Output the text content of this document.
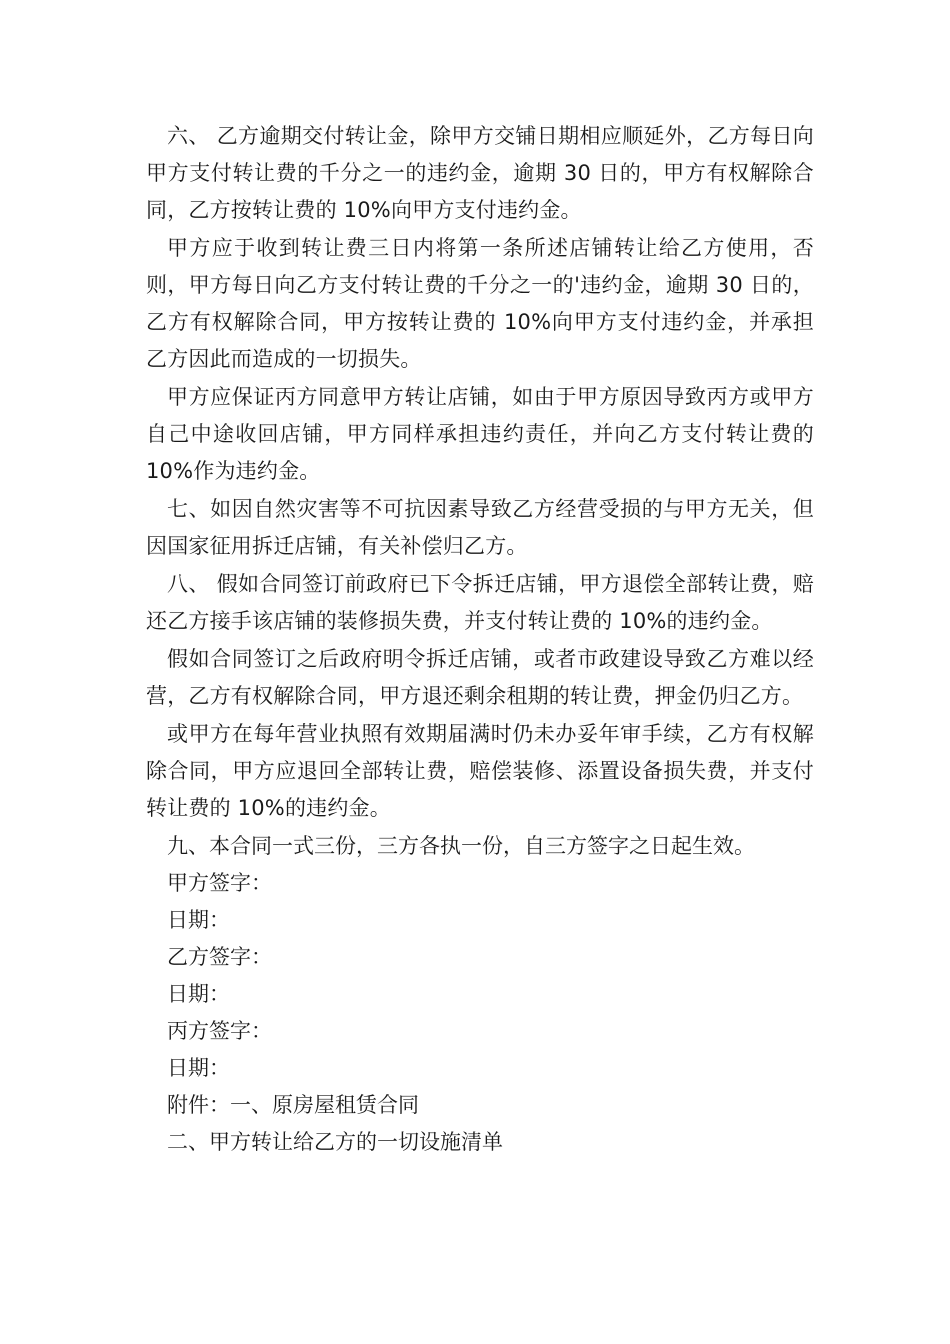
六、 乙方逾期交付转让金，除甲方交铺日期相应顺延外，乙方每日向甲方支付转让费的千分之一的违约金，逾期 30 日的，甲方有权解除合同，乙方按转让费的 10%向甲方支付违约金。

甲方应于收到转让费三日内将第一条所述店铺转让给乙方使用，否则，甲方每日向乙方支付转让费的千分之一的'违约金，逾期 30 日的，乙方有权解除合同，甲方按转让费的 10%向甲方支付违约金，并承担乙方因此而造成的一切损失。

甲方应保证丙方同意甲方转让店铺，如由于甲方原因导致丙方或甲方自己中途收回店铺，甲方同样承担违约责任，并向乙方支付转让费的 10%作为违约金。

七、如因自然灾害等不可抗因素导致乙方经营受损的与甲方无关，但因国家征用拆迁店铺，有关补偿归乙方。

八、 假如合同签订前政府已下令拆迁店铺，甲方退偿全部转让费，赔还乙方接手该店铺的装修损失费，并支付转让费的 10%的违约金。

假如合同签订之后政府明令拆迁店铺，或者市政建设导致乙方难以经营，乙方有权解除合同，甲方退还剩余租期的转让费，押金仍归乙方。

或甲方在每年营业执照有效期届满时仍未办妥年审手续，乙方有权解除合同，甲方应退回全部转让费，赔偿装修、添置设备损失费，并支付转让费的 10%的违约金。

九、本合同一式三份，三方各执一份，自三方签字之日起生效。

甲方签字：

日期：

乙方签字：

日期：

丙方签字：

日期：

附件：一、原房屋租赁合同

二、甲方转让给乙方的一切设施清单
